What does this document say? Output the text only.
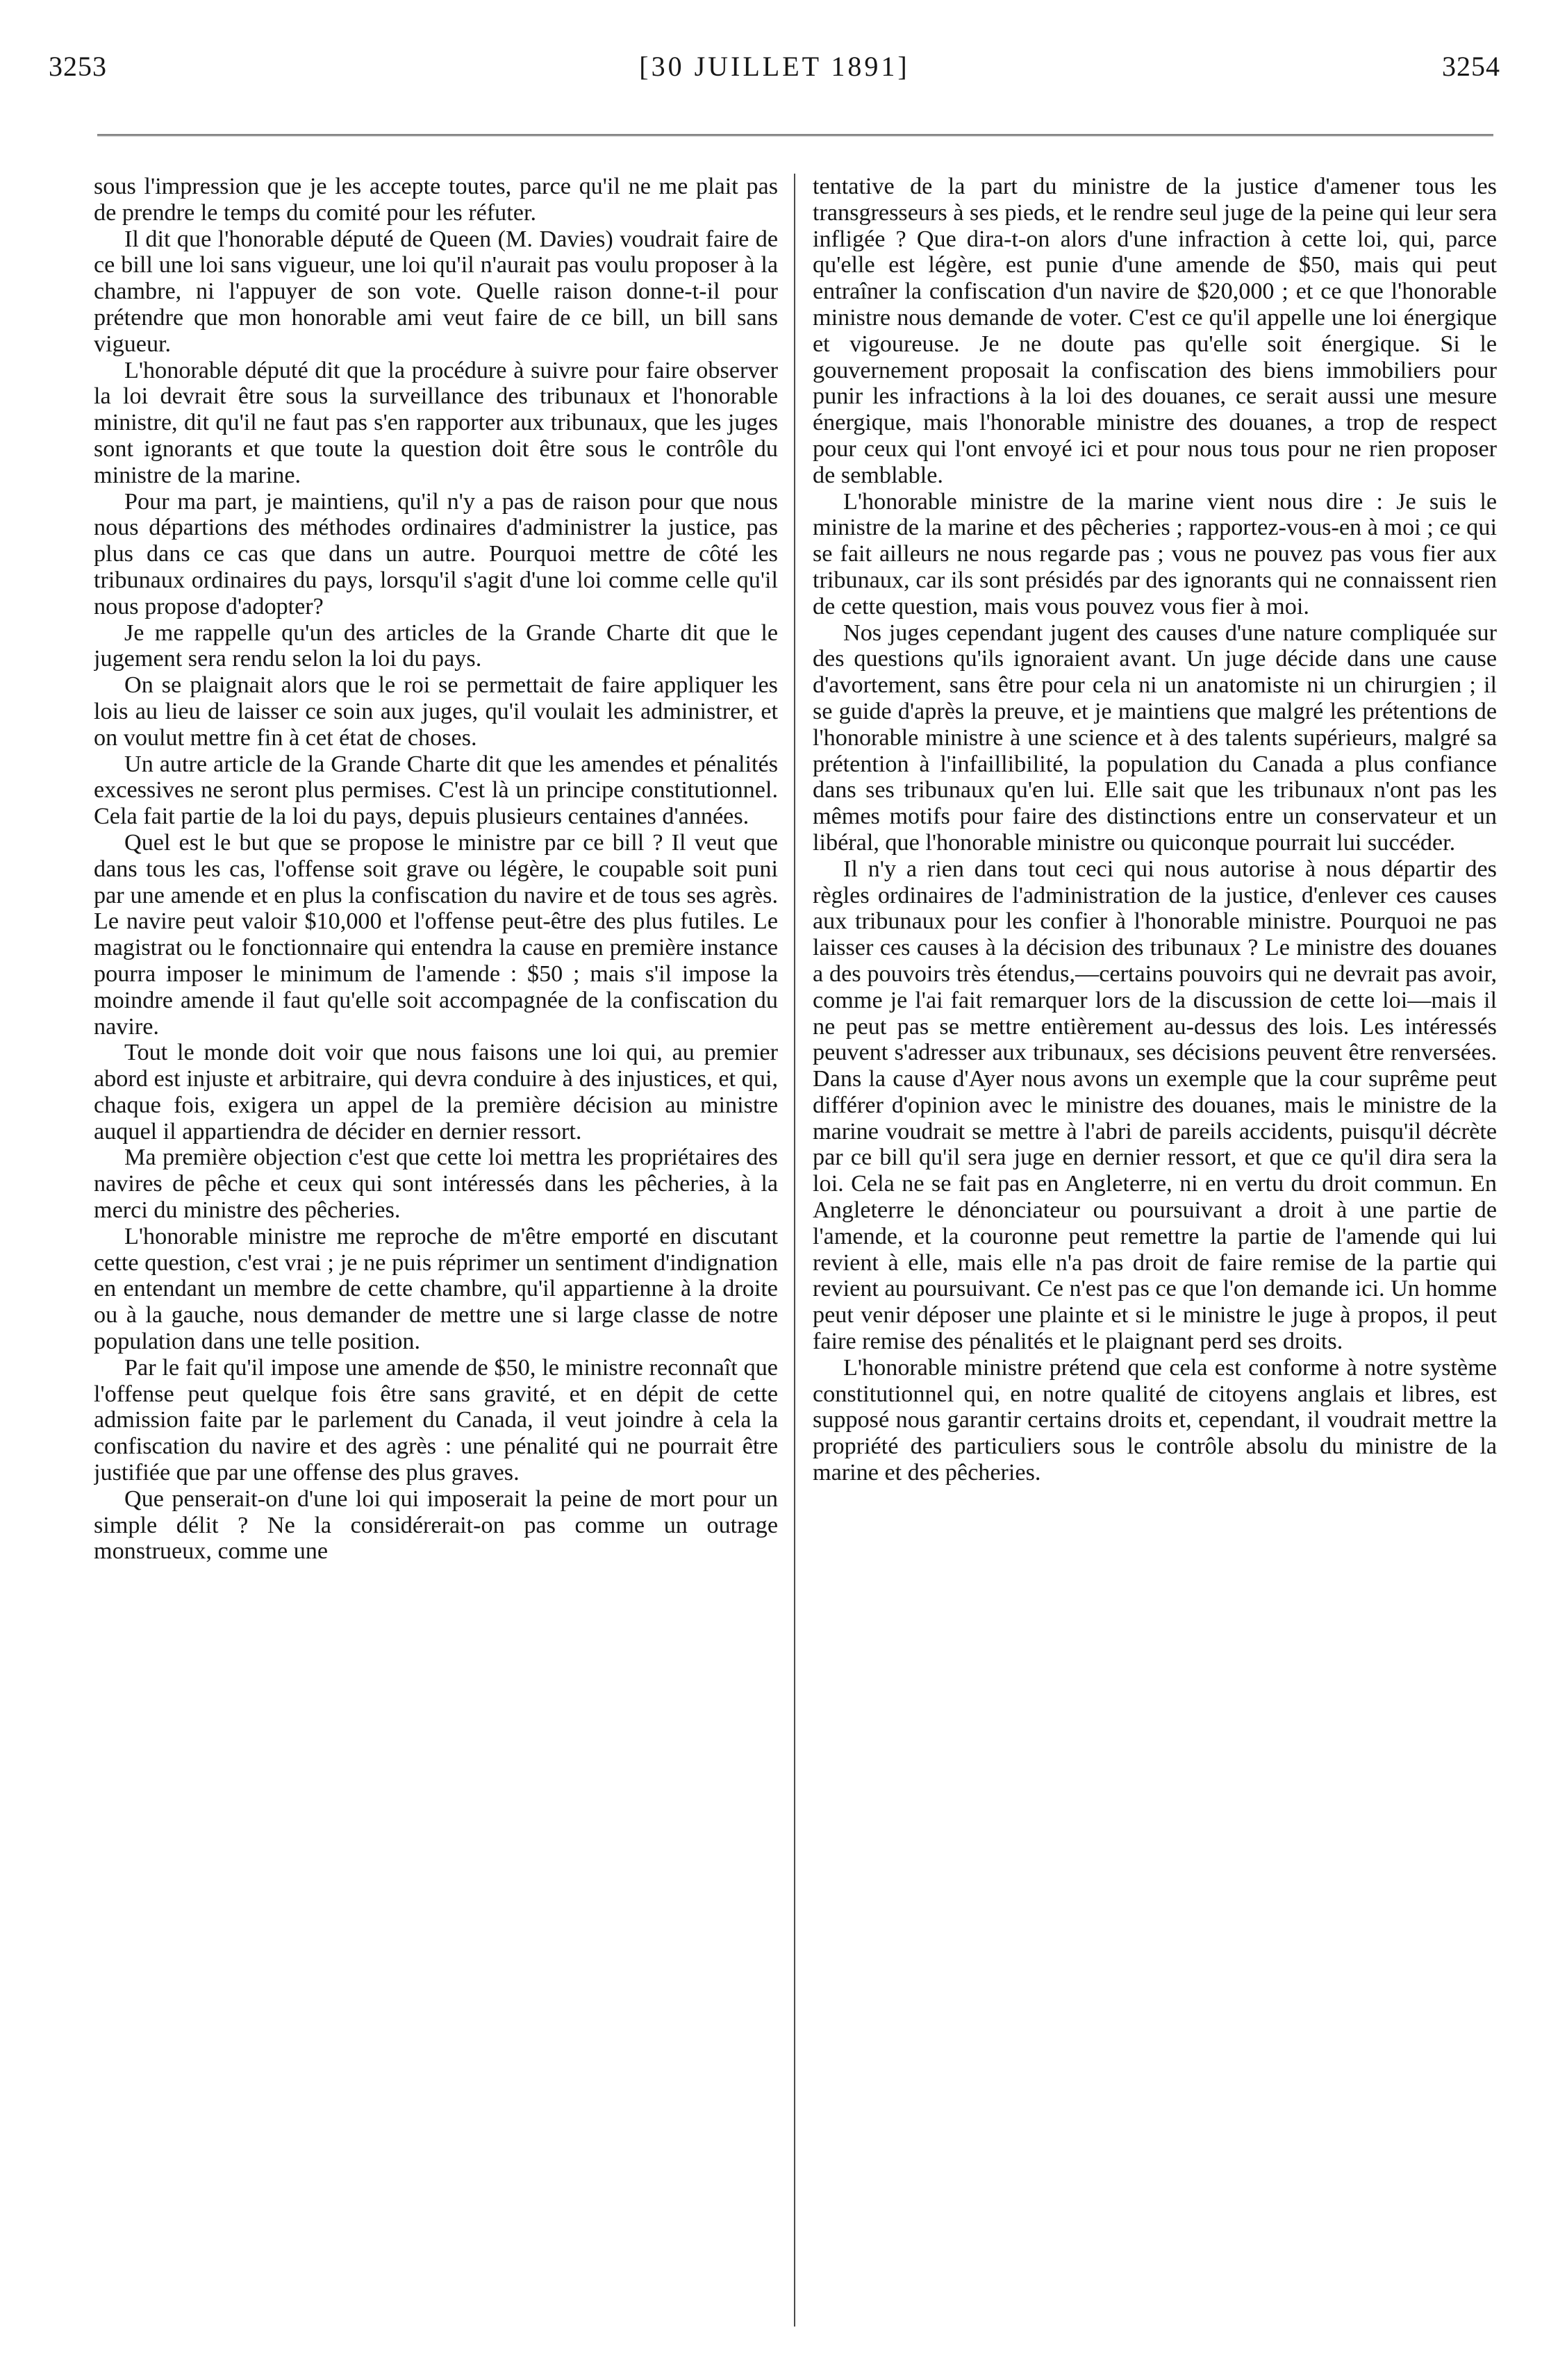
3253	[30 JUILLET 1891]	3254

sous l'impression que je les accepte toutes, parce qu'il ne me plait pas de prendre le temps du comité pour les réfuter.

Il dit que l'honorable député de Queen (M. Davies) voudrait faire de ce bill une loi sans vigueur, une loi qu'il n'aurait pas voulu proposer à la chambre, ni l'appuyer de son vote. Quelle raison donne-t-il pour prétendre que mon honorable ami veut faire de ce bill, un bill sans vigueur.

L'honorable député dit que la procédure à suivre pour faire observer la loi devrait être sous la surveillance des tribunaux et l'honorable ministre, dit qu'il ne faut pas s'en rapporter aux tribunaux, que les juges sont ignorants et que toute la question doit être sous le contrôle du ministre de la marine.

Pour ma part, je maintiens, qu'il n'y a pas de raison pour que nous nous départions des méthodes ordinaires d'administrer la justice, pas plus dans ce cas que dans un autre. Pourquoi mettre de côté les tribunaux ordinaires du pays, lorsqu'il s'agit d'une loi comme celle qu'il nous propose d'adopter?

Je me rappelle qu'un des articles de la Grande Charte dit que le jugement sera rendu selon la loi du pays.

On se plaignait alors que le roi se permettait de faire appliquer les lois au lieu de laisser ce soin aux juges, qu'il voulait les administrer, et on voulut mettre fin à cet état de choses.

Un autre article de la Grande Charte dit que les amendes et pénalités excessives ne seront plus permises. C'est là un principe constitutionnel. Cela fait partie de la loi du pays, depuis plusieurs centaines d'années.

Quel est le but que se propose le ministre par ce bill ? Il veut que dans tous les cas, l'offense soit grave ou légère, le coupable soit puni par une amende et en plus la confiscation du navire et de tous ses agrès. Le navire peut valoir $10,000 et l'offense peut-être des plus futiles. Le magistrat ou le fonctionnaire qui entendra la cause en première instance pourra imposer le minimum de l'amende : $50 ; mais s'il impose la moindre amende il faut qu'elle soit accompagnée de la confiscation du navire.

Tout le monde doit voir que nous faisons une loi qui, au premier abord est injuste et arbitraire, qui devra conduire à des injustices, et qui, chaque fois, exigera un appel de la première décision au ministre auquel il appartiendra de décider en dernier ressort.

Ma première objection c'est que cette loi mettra les propriétaires des navires de pêche et ceux qui sont intéressés dans les pêcheries, à la merci du ministre des pêcheries.

L'honorable ministre me reproche de m'être emporté en discutant cette question, c'est vrai ; je ne puis réprimer un sentiment d'indignation en entendant un membre de cette chambre, qu'il appartienne à la droite ou à la gauche, nous demander de mettre une si large classe de notre population dans une telle position.

Par le fait qu'il impose une amende de $50, le ministre reconnaît que l'offense peut quelque fois être sans gravité, et en dépit de cette admission faite par le parlement du Canada, il veut joindre à cela la confiscation du navire et des agrès : une pénalité qui ne pourrait être justifiée que par une offense des plus graves.

Que penserait-on d'une loi qui imposerait la peine de mort pour un simple délit ? Ne la considérerait-on pas comme un outrage monstrueux, comme une

tentative de la part du ministre de la justice d'amener tous les transgresseurs à ses pieds, et le rendre seul juge de la peine qui leur sera infligée ? Que dira-t-on alors d'une infraction à cette loi, qui, parce qu'elle est légère, est punie d'une amende de $50, mais qui peut entraîner la confiscation d'un navire de $20,000 ; et ce que l'honorable ministre nous demande de voter. C'est ce qu'il appelle une loi énergique et vigoureuse. Je ne doute pas qu'elle soit énergique. Si le gouvernement proposait la confiscation des biens immobiliers pour punir les infractions à la loi des douanes, ce serait aussi une mesure énergique, mais l'honorable ministre des douanes, a trop de respect pour ceux qui l'ont envoyé ici et pour nous tous pour ne rien proposer de semblable.

L'honorable ministre de la marine vient nous dire : Je suis le ministre de la marine et des pêcheries ; rapportez-vous-en à moi ; ce qui se fait ailleurs ne nous regarde pas ; vous ne pouvez pas vous fier aux tribunaux, car ils sont présidés par des ignorants qui ne connaissent rien de cette question, mais vous pouvez vous fier à moi.

Nos juges cependant jugent des causes d'une nature compliquée sur des questions qu'ils ignoraient avant. Un juge décide dans une cause d'avortement, sans être pour cela ni un anatomiste ni un chirurgien ; il se guide d'après la preuve, et je maintiens que malgré les prétentions de l'honorable ministre à une science et à des talents supérieurs, malgré sa prétention à l'infaillibilité, la population du Canada a plus confiance dans ses tribunaux qu'en lui. Elle sait que les tribunaux n'ont pas les mêmes motifs pour faire des distinctions entre un conservateur et un libéral, que l'honorable ministre ou quiconque pourrait lui succéder.

Il n'y a rien dans tout ceci qui nous autorise à nous départir des règles ordinaires de l'administration de la justice, d'enlever ces causes aux tribunaux pour les confier à l'honorable ministre. Pourquoi ne pas laisser ces causes à la décision des tribunaux ? Le ministre des douanes a des pouvoirs très étendus,—certains pouvoirs qui ne devrait pas avoir, comme je l'ai fait remarquer lors de la discussion de cette loi—mais il ne peut pas se mettre entièrement au-dessus des lois. Les intéressés peuvent s'adresser aux tribunaux, ses décisions peuvent être renversées. Dans la cause d'Ayer nous avons un exemple que la cour suprême peut différer d'opinion avec le ministre des douanes, mais le ministre de la marine voudrait se mettre à l'abri de pareils accidents, puisqu'il décrète par ce bill qu'il sera juge en dernier ressort, et que ce qu'il dira sera la loi. Cela ne se fait pas en Angleterre, ni en vertu du droit commun. En Angleterre le dénonciateur ou poursuivant a droit à une partie de l'amende, et la couronne peut remettre la partie de l'amende qui lui revient à elle, mais elle n'a pas droit de faire remise de la partie qui revient au poursuivant. Ce n'est pas ce que l'on demande ici. Un homme peut venir déposer une plainte et si le ministre le juge à propos, il peut faire remise des pénalités et le plaignant perd ses droits.

L'honorable ministre prétend que cela est conforme à notre système constitutionnel qui, en notre qualité de citoyens anglais et libres, est supposé nous garantir certains droits et, cependant, il voudrait mettre la propriété des particuliers sous le contrôle absolu du ministre de la marine et des pêcheries.
